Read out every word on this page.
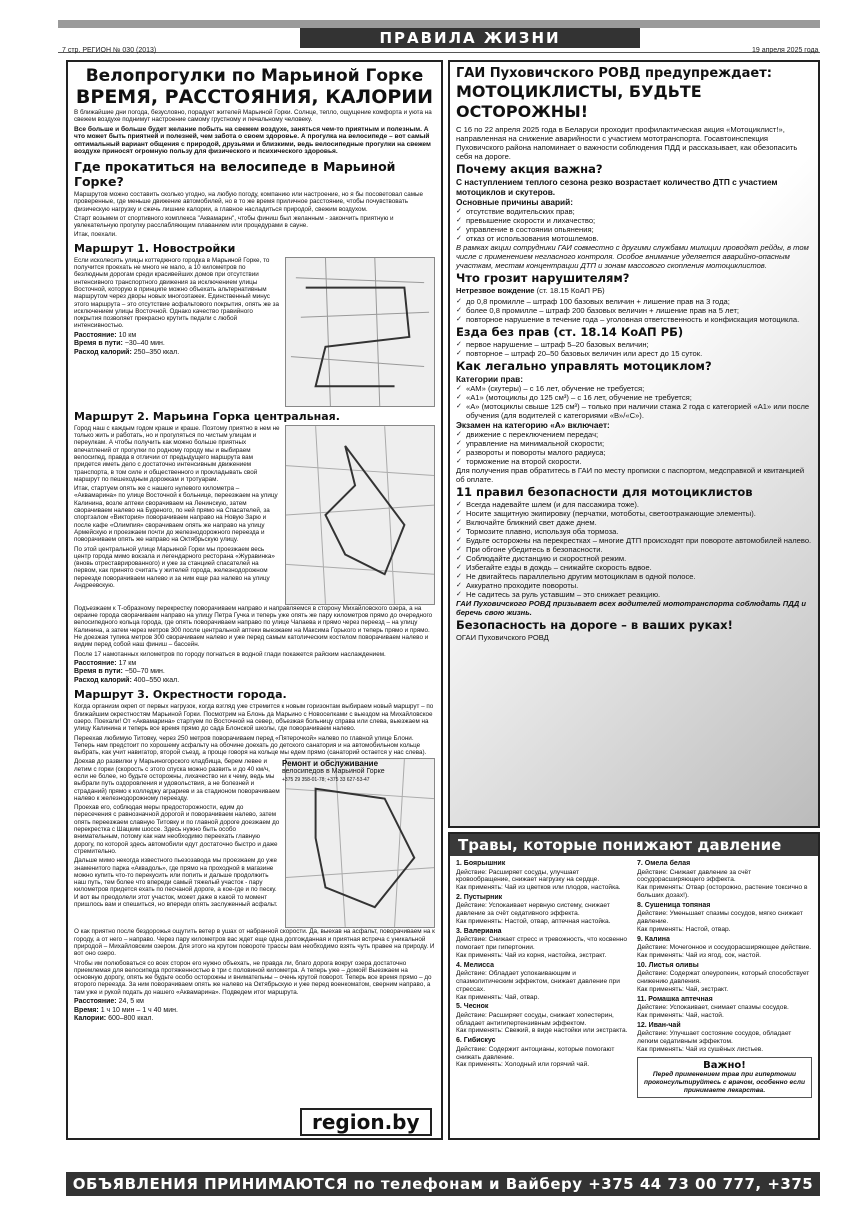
ПРАВИЛА ЖИЗНИ
7 стр. РЕГИОН № 030 (2013)	19 апреля 2025 года
Велопрогулки по Марьиной Горке
ВРЕМЯ, РАССТОЯНИЯ, КАЛОРИИ

В ближайшие дни погода, безусловно, порадует жителей Марьиной Горки. Солнце, тепло, ощущение комфорта и уюта на свежем воздухе поднимут настроение самому грустному и печальному человеку.

Все больше и больше будет желание побыть на свежем воздухе, заняться чем-то приятным и полезным. А что может быть приятней и полезней, чем забота о своем здоровье. А прогулка на велосипеде – вот самый оптимальный вариант общения с природой, друзьями и близкими, ведь велосипедные прогулки на свежем воздухе приносят огромную пользу для физического и психического здоровья.

Где прокатиться на велосипеде в Марьиной Горке?

Маршрутов можно составить сколько угодно, на любую погоду, компанию или настроение, но я бы посоветовал самые проверенные, где меньше движение автомобилей, но в то же время приличное расстояние, чтобы почувствовать физическую нагрузку и сжечь лишние калории, а главное насладиться природой, свежим воздухом.

Старт возьмем от спортивного комплекса "Аквамарин", чтобы финиш был желанным - закончить приятную и увлекательную прогулку расслабляющим плаванием или процедурами в сауне.

Итак, поехали.

Маршрут 1. Новостройки

Если исколесить улицы коттеджного городка в Марьиной Горке, то получится проехать не много не мало, а 10 километров по безлюдным дорогам среди красивейших домов при отсутствии интенсивного транспортного движения за исключением улицы Восточной, которую в принципе можно объехать альтернативным маршрутом через дворы новых многоэтажек. Единственный минус этого маршрута – это отсутствие асфальтового покрытия, опять же за исключением улицы Восточной. Однако качество гравийного покрытия позволяет прекрасно крутить педали с любой интенсивностью.

Расстояние: 10 км
Время в пути: ~30–40 мин.
Расход калорий: 250–350 ккал.
Маршрут 2. Марьина Горка центральная.

Город наш с каждым годом краше и краше. Поэтому приятно в нем не только жить и работать, но и прогуляться по чистым улицам и переулкам. А чтобы получить как можно больше приятных впечатлений от прогулки по родному городу мы и выбираем велосипед, правда в отличии от предыдущего маршрута вам придется иметь дело с достаточно интенсивным движением транспорта, в том силе и общественного и прокладывать свой маршрут по пешеходным дорожкам и тротуарам.

Итак, стартуем опять же с нашего нулевого километра – «Аквамарина» по улице Восточной к больнице, переезжаем на улицу Калинина, возле аптеки сворачиваем на Ленинскую, затем сворачиваем налево на Буденого, по ней прямо на Спасателей, за спортзалом «Виктория» поворачиваем направо на Новую Зарю и после кафе «Олимпия» сворачиваем опять же направо на улицу Армейскую и проезжаем почти до железнодорожного переезда и поворачиваем опять же направо на Октябрьскую улицу.

По этой центральной улице Марьиной Горки мы проезжаем весь центр города мимо вокзала и легендарного ресторана «Журавинка» (вновь отреставрированного) и уже за станцией спасателей на первом, как принято считать у жителей города, железнодорожном переезде поворачиваем налево и за ним еще раз налево на улицу Андреевскую.

Подъезжаем к Т-образному перекрестку поворачиваем направо и направляемся в сторону Михайловского озера, а на окраине города сворачиваем направо на улицу Петра Гучка и теперь уже опять же пару километров прямо до очередного велосипедного кольца города, где опять поворачиваем направо по улице Чапаева и прямо через переезд – на улицу Калинина, а затем через метров 300 после центральной аптеки выезжаем на Максима Горького и теперь прямо и прямо. Не доезжая тупика метров 300 сворачиваем налево и уже перед самым католическим костелом поворачиваем налево и видим перед собой наш финиш – бассейн.

После 17 намотанных километров по городу погнаться в водной глади покажется райским наслаждением.

Расстояние: 17 км
Время в пути: ~50–70 мин.
Расход калорий: 400–550 ккал.
Маршрут 3. Окрестности города.

Когда организм окреп от первых нагрузок, когда взгляд уже стремится к новым горизонтам выбираем новый маршрут – по ближайшим окрестностям Марьиной Горки. Посмотрим на Блонь да Марьино с Новоселками с выездом на Михайловское озеро. Поехали! От «Аквамарина» стартуем по Восточной на север, объезжая больницу справа или слева, выезжаем на улицу Калинина и теперь все время прямо до сада Блонской школы, где поворачиваем налево.

Переехав любимую Титовку, через 250 метров поворачиваем перед «Пятерочкой» налево по главной улице Блони. Теперь нам предстоит по хорошему асфальту на обочине доехать до детского санатория и на автомобильном кольце выбрать, как учит навигатор, второй съезд, а проще говоря на кольце мы едем прямо (санаторий остается у нас слева).

Доехав до развилки у Марьиногорского кладбища, берем левее и летим с горки (скорость с этого спуска можно развить и до 40 км/ч, если не более, но будьте осторожны, лихачество ни к чему, ведь мы выбрали путь оздоровления и удовольствия, а не болезней и страданий) прямо к колледжу аграриев и за стадионом поворачиваем налево к железнодорожному переезду.

Проехав его, соблюдая меры предосторожности, едим до пересечения с равнозначной дорогой и поворачиваем налево, затем опять переезжаем славную Титовку и по главной дороге доезжаем до перекрестка с Шацким шоссе. Здесь нужно быть особо внимательным, потому как нам необходимо переехать главную дорогу, по которой здесь автомобили едут достаточно быстро и даже стремительно.

Дальше мимо некогда известного пьезозавода мы проезжаем до уже знаменитого парка «Аквадоль», где прямо на проходной в магазине можно купить что-то перекусить или попить и дальше продолжить наш путь, тем более что впереди самый тяжелый участок - пару километров придется ехать по песчаной дороге, а кое-где и по песку. И вот вы преодолели этот участок, может даже в какой то момент пришлось вам и спешиться, но впереди опять заслуженный асфальт.

О как приятно после бездорожья ощутить ветер в ушах от набранной скорости. Да, выехав на асфальт, поворачиваем на к городу, а от него – направо. Через пару километров вас ждет еще одна долгожданная и приятная встреча с уникальной природой – Михайловским озером. Для этого на крутом повороте трассы вам необходимо взять чуть правее на природу. И вот оно озеро.

Чтобы им полюбоваться со всех сторон его нужно объехать, не правда ли, благо дорога вокруг озера достаточно приемлемая для велосипеда протяженностью в три с половиной километра. А теперь уже – домой! Выезжаем на основную дорогу, опять же будьте особо осторожны и внимательны – очень крутой поворот. Теперь все время прямо – до второго переезда. За ним поворачиваем опять же налево на Октябрьскую и уже перед военкоматом, сверним направо, а там уже и рукой подать до нашего «Аквамарина». Подведем итог маршрута.

Расстояние: 24, 5 км
Время: 1 ч 10 мин – 1 ч 40 мин.
Калории: 600–800 ккал.
Ремонт и обслуживание
велосипедов в Марьиной Горке
+375 29 358-01-78; +375 33 627-53-47
region.by
ГАИ Пуховичского РОВД предупреждает:
МОТОЦИКЛИСТЫ, БУДЬТЕ ОСТОРОЖНЫ!
С 16 по 22 апреля 2025 года в Беларуси проходит профилактическая акция «Мотоциклист!», направленная на снижение аварийности с участием мототранспорта. Госавтоинспекция Пуховичского района напоминает о важности соблюдения ПДД и рассказывает, как обезопасить себя на дороге.
Почему акция важна?
С наступлением теплого сезона резко возрастает количество ДТП с участием мотоциклов и скутеров.
Основные причины аварий:
✓ отсутствие водительских прав;
✓ превышение скорости и лихачество;
✓ управление в состоянии опьянения;
✓ отказ от использования мотошлемов.
В рамках акции сотрудники ГАИ совместно с другими службами милиции проводят рейды, в том числе с применением негласного контроля. Особое внимание уделяется аварийно-опасным участкам, местам концентрации ДТП и зонам массового скопления мотоциклистов.
Что грозит нарушителям?
Нетрезвое вождение (ст. 18.15 КоАП РБ)
✓ до 0,8 промилле – штраф 100 базовых величин + лишение прав на 3 года;
✓ более 0,8 промилле – штраф 200 базовых величин + лишение прав на 5 лет;
✓ повторное нарушение в течение года – уголовная ответственность и конфискация мотоцикла.
Езда без прав (ст. 18.14 КоАП РБ)
✓ первое нарушение – штраф 5–20 базовых величин;
✓ повторное – штраф 20–50 базовых величин или арест до 15 суток.
Как легально управлять мотоциклом?
Категории прав:
✓ «АМ» (скутеры) – с 16 лет, обучение не требуется;
✓ «А1» (мотоциклы до 125 см³) – с 16 лет, обучение не требуется;
✓ «А» (мотоциклы свыше 125 см³) – только при наличии стажа 2 года с категорией «А1» или после обучения (для водителей с категориями «В»/«С»).
Экзамен на категорию «А» включает:
✓ движение с переключением передач;
✓ управление на минимальной скорости;
✓ развороты и повороты малого радиуса;
✓ торможение на второй скорости.
Для получения прав обратитесь в ГАИ по месту прописки с паспортом, медсправкой и квитанцией об оплате.
11 правил безопасности для мотоциклистов
✓ Всегда надевайте шлем (и для пассажира тоже).
✓ Носите защитную экипировку (перчатки, мотоботы, светоотражающие элементы).
✓ Включайте ближний свет даже днем.
✓ Тормозите плавно, используя оба тормоза.
✓ Будьте осторожны на перекрестках – многие ДТП происходят при повороте автомобилей налево.
✓ При обгоне убедитесь в безопасности.
✓ Соблюдайте дистанцию и скоростной режим.
✓ Избегайте езды в дождь – снижайте скорость вдвое.
✓ Не двигайтесь параллельно другим мотоциклам в одной полосе.
✓ Аккуратно проходите повороты.
✓ Не садитесь за руль уставшим – это снижает реакцию.
ГАИ Пуховичского РОВД призывает всех водителей мототранспорта соблюдать ПДД и беречь свою жизнь.
Безопасность на дороге – в ваших руках!
ОГАИ Пуховичского РОВД
Травы, которые понижают давление
1. Боярышник
Действие: Расширяет сосуды, улучшает кровообращение, снижает нагрузку на сердце.
Как применять: Чай из цветков или плодов, настойка.
2. Пустырник
Действие: Успокаивает нервную систему, снижает давление за счёт седативного эффекта.
Как применять: Настой, отвар, аптечная настойка.
3. Валериана
Действие: Снижает стресс и тревожность, что косвенно помогает при гипертонии.
Как применять: Чай из корня, настойка, экстракт.
4. Мелисса
Действие: Обладает успокаивающим и спазмолитическим эффектом, снижает давление при стрессах.
Как применять: Чай, отвар.
5. Чеснок
Действие: Расширяет сосуды, снижает холестерин, обладает антигипертензивным эффектом.
Как применять: Свежий, в виде настойки или экстракта.
6. Гибискус
Действие: Содержит антоцианы, которые помогают снижать давление.
Как применять: Холодный или горячий чай.
7. Омела белая
Действие: Снижает давление за счёт сосудорасширяющего эффекта.
Как применять: Отвар (осторожно, растение токсично в больших дозах!).
8. Сушеница топяная
Действие: Уменьшает спазмы сосудов, мягко снижает давление.
Как применять: Настой, отвар.
9. Калина
Действие: Мочегонное и сосудорасширяющее действие.
Как применять: Чай из ягод, сок, настой.
10. Листья оливы
Действие: Содержат олеуропеин, который способствует снижению давления.
Как применять: Чай, экстракт.
11. Ромашка аптечная
Действие: Успокаивает, снимает спазмы сосудов.
Как применять: Чай, настой.
12. Иван-чай
Действие: Улучшает состояние сосудов, обладает легким седативным эффектом.
Как применять: Чай из сушёных листьев.
Важно!
Перед применением трав при гипертонии проконсультируйтесь с врачом, особенно если принимаете лекарства.
ОБЪЯВЛЕНИЯ ПРИНИМАЮТСЯ по телефонам и Вайберу +375 44 73 00 777, +375 29 35 53 005
